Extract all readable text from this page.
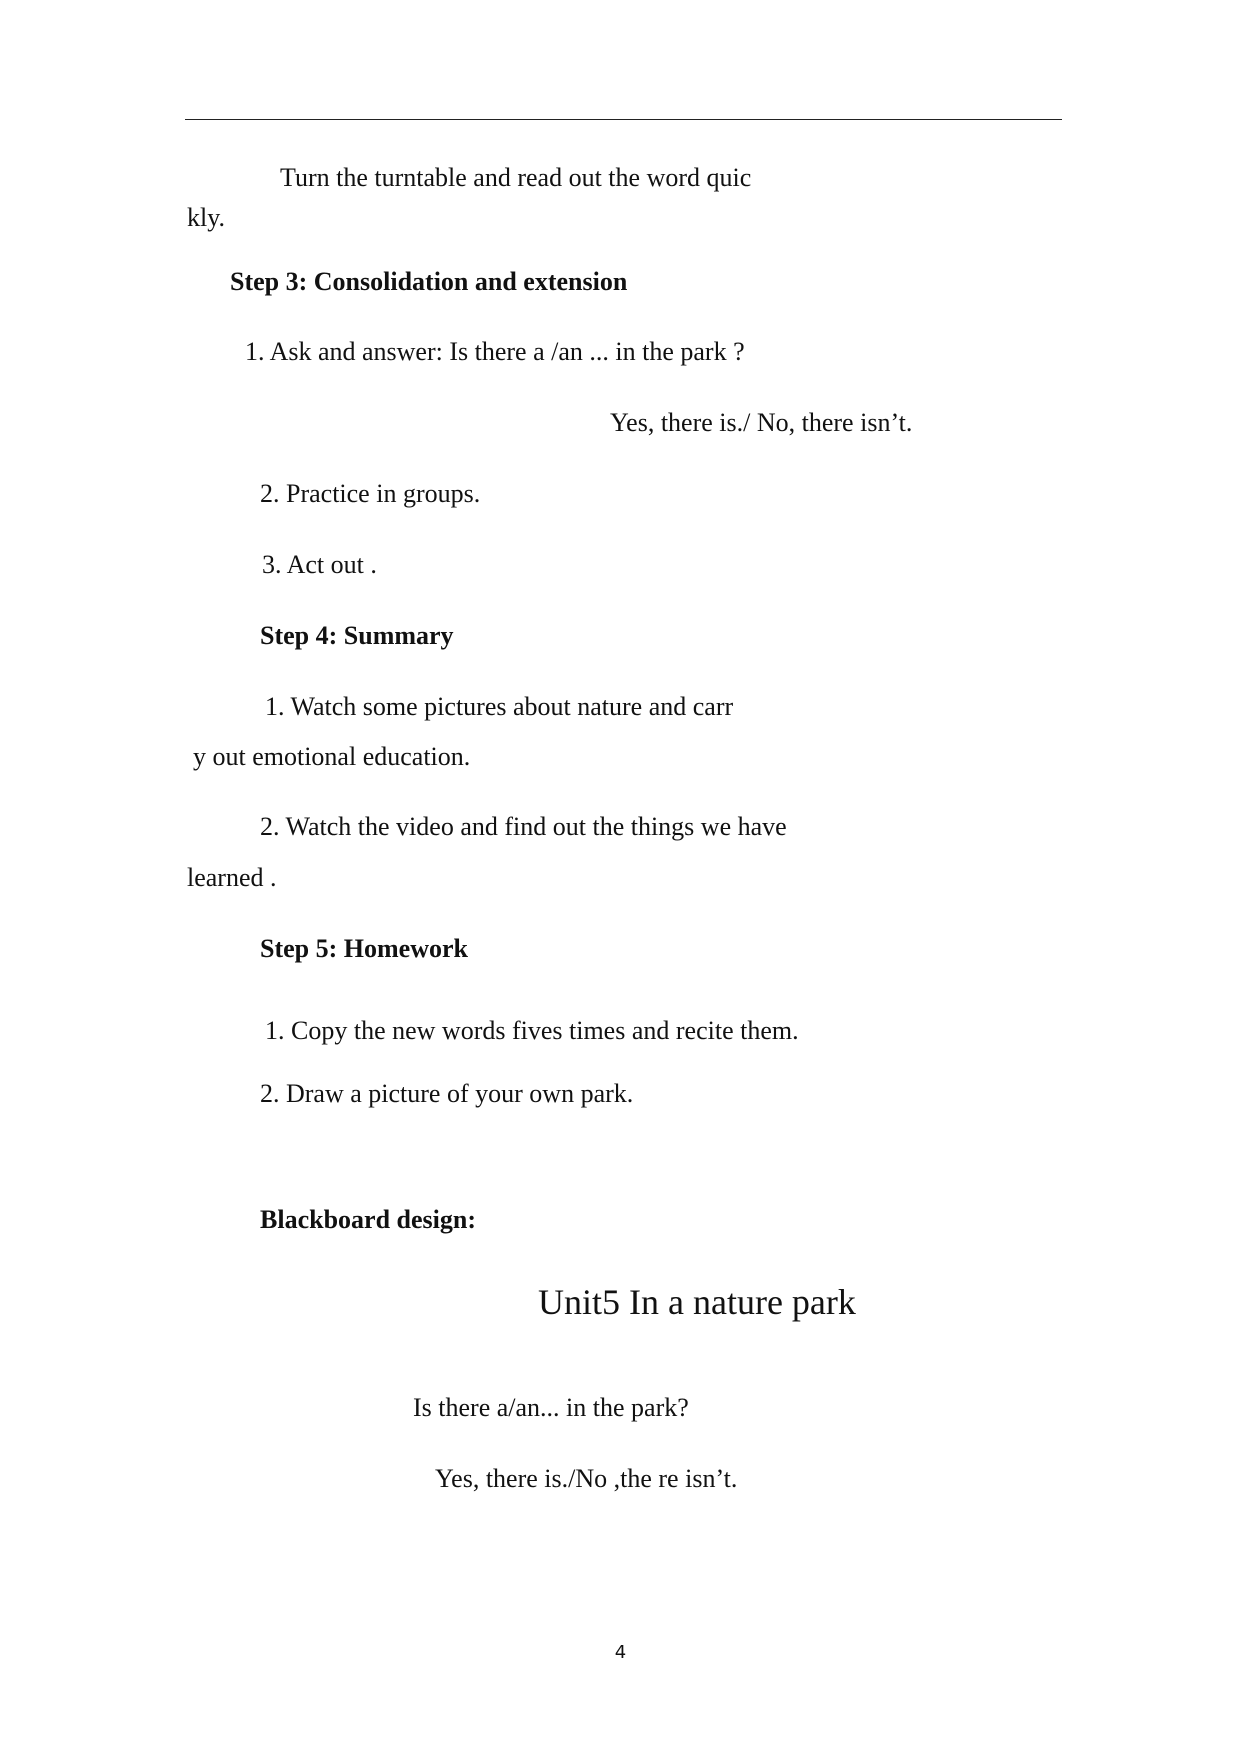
Turn the turntable and read out the word quic
kly.
Step 3: Consolidation and extension
1. Ask and answer: Is there a /an ... in the park ?
Yes, there is./ No, there isn’t.
2. Practice in groups.
3. Act out .
Step 4: Summary
1. Watch some pictures about nature and carr
y out emotional education.
2. Watch the video and find out the things we have
learned .
Step 5: Homework
1. Copy the new words fives times and recite them.
2. Draw a picture of your own park.
Blackboard design:
Unit5 In a nature park
Is there a/an... in the park?
Yes, there is./No ,the re isn’t.
4
